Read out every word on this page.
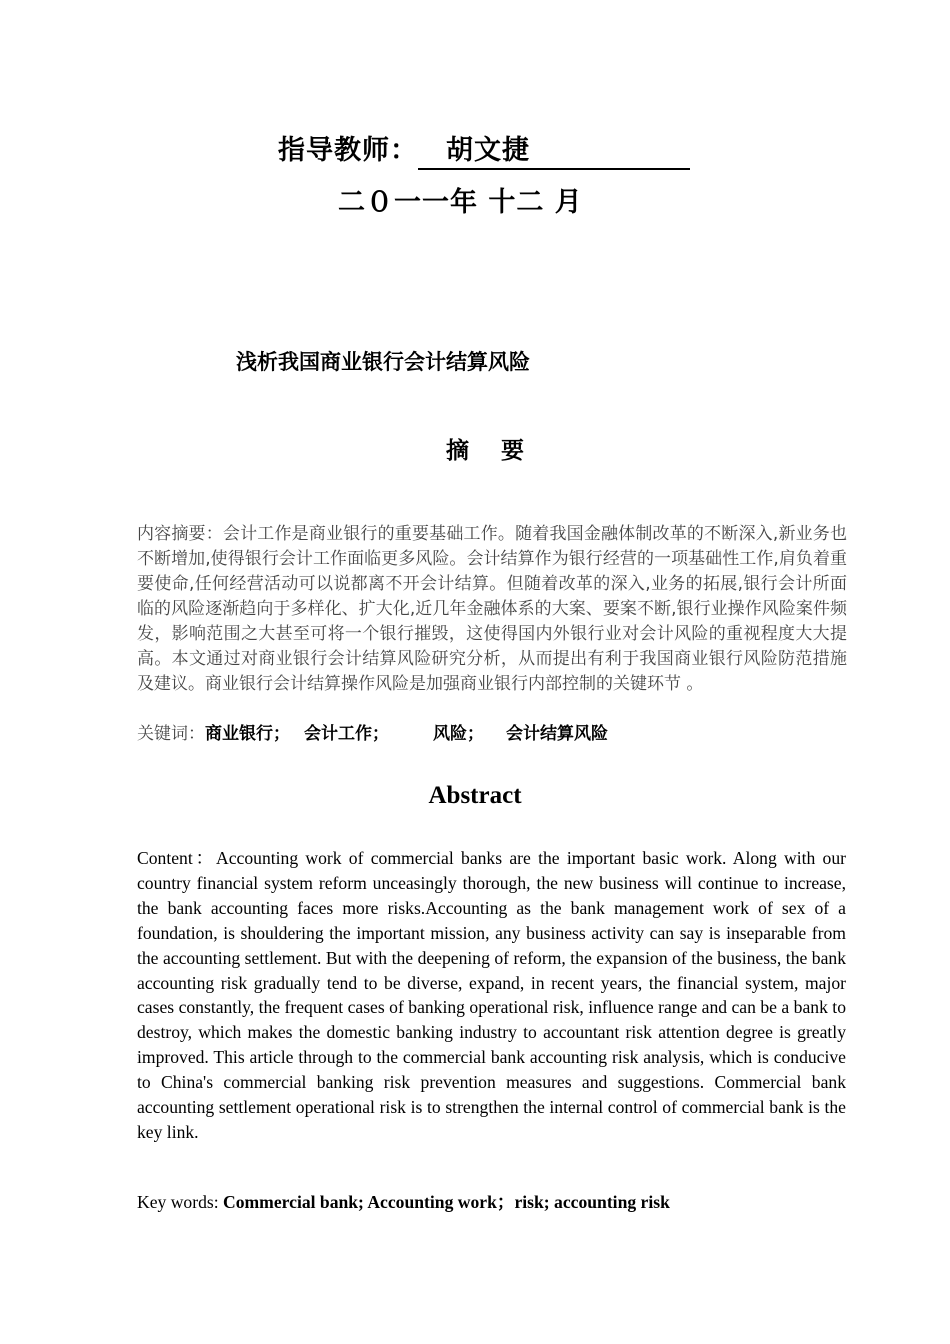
指导教师： 胡文捷
二０一一年 十二 月
浅析我国商业银行会计结算风险
摘要
内容摘要：会计工作是商业银行的重要基础工作。随着我国金融体制改革的不断深入,新业务也不断增加,使得银行会计工作面临更多风险。会计结算作为银行经营的一项基础性工作,肩负着重要使命,任何经营活动可以说都离不开会计结算。但随着改革的深入,业务的拓展,银行会计所面临的风险逐渐趋向于多样化、扩大化,近几年金融体系的大案、要案不断,银行业操作风险案件频发，影响范围之大甚至可将一个银行摧毁，这使得国内外银行业对会计风险的重视程度大大提高。本文通过对商业银行会计结算风险研究分析，从而提出有利于我国商业银行风险防范措施及建议。商业银行会计结算操作风险是加强商业银行内部控制的关键环节 。
关键词：商业银行； 会计工作；	风险； 会计结算风险
Abstract
Content：Accounting work of commercial banks are the important basic work. Along with our country financial system reform unceasingly thorough, the new business will continue to increase, the bank accounting faces more risks.Accounting as the bank management work of sex of a foundation, is shouldering the important mission, any business activity can say is inseparable from the accounting settlement. But with the deepening of reform, the expansion of the business, the bank accounting risk gradually tend to be diverse, expand, in recent years, the financial system, major cases constantly, the frequent cases of banking operational risk, influence range and can be a bank to destroy, which makes the domestic banking industry to accountant risk attention degree is greatly improved. This article through to the commercial bank accounting risk analysis, which is conducive to China's commercial banking risk prevention measures and suggestions. Commercial bank accounting settlement operational risk is to strengthen the internal control of commercial bank is the key link.
Key words: Commercial bank; Accounting work；risk; accounting risk
